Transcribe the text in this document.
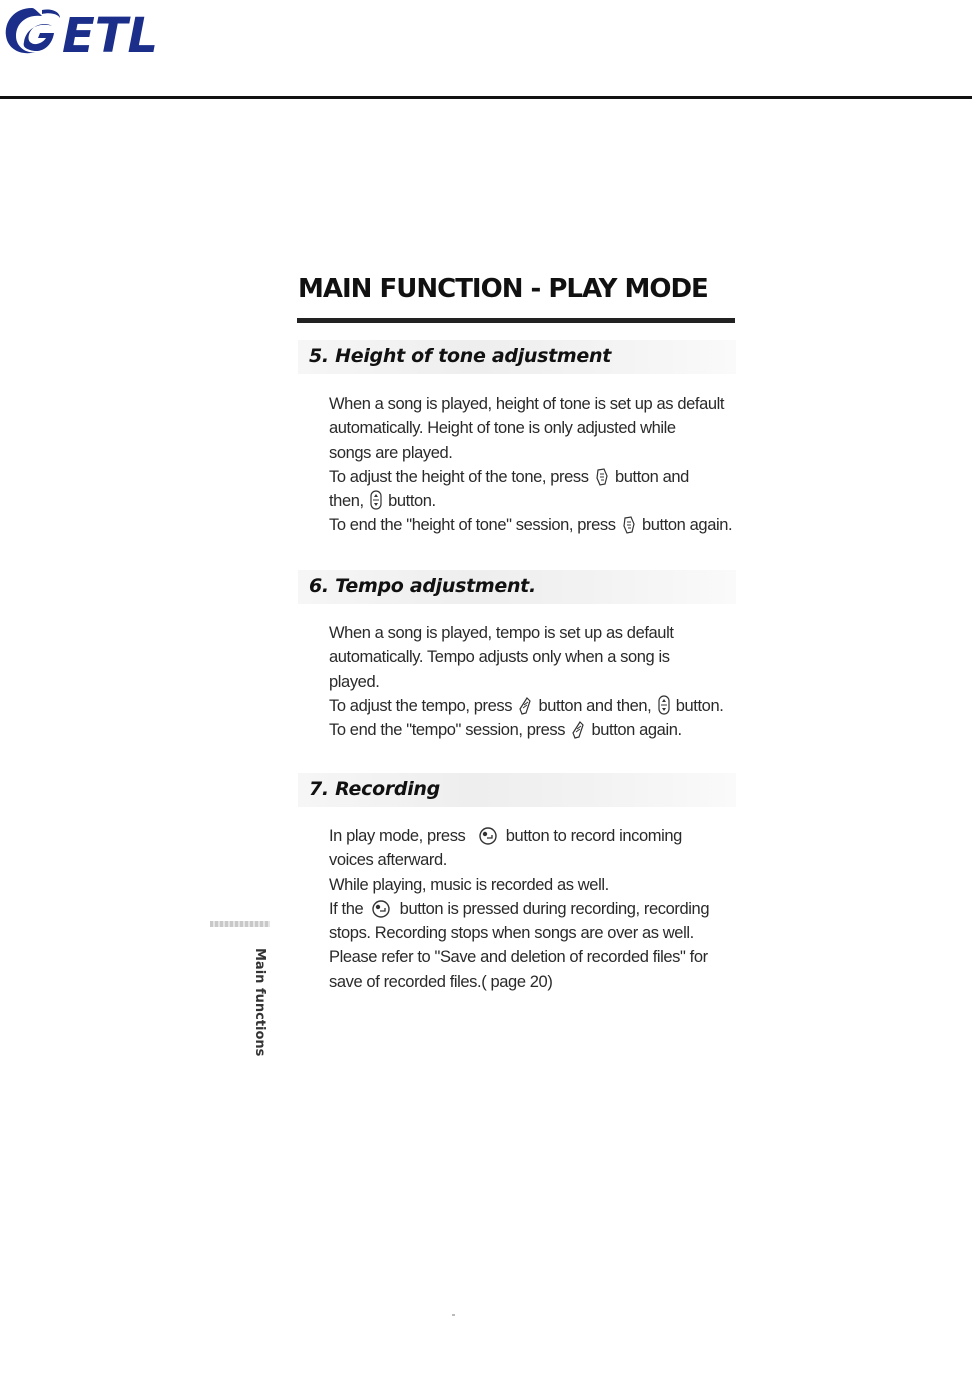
ETL
MAIN FUNCTION - PLAY MODE
5. Height of tone adjustment
When a song is played, height of tone is set up as default
automatically. Height of tone is only adjusted while
songs are played.
To adjust the height of the tone, press button and
then, button.
To end the "height of tone" session, press button again.
6. Tempo adjustment.
When a song is played, tempo is set up as default
automatically. Tempo adjusts only when a song is
played.
To adjust the tempo, press button and then, button.
To end the "tempo" session, press button again.
7. Recording
In play mode, press button to record incoming
voices afterward.
While playing, music is recorded as well.
If the button is pressed during recording, recording
stops. Recording stops when songs are over as well.
Please refer to "Save and deletion of recorded files" for
save of recorded files.( page 20)
Main functions
